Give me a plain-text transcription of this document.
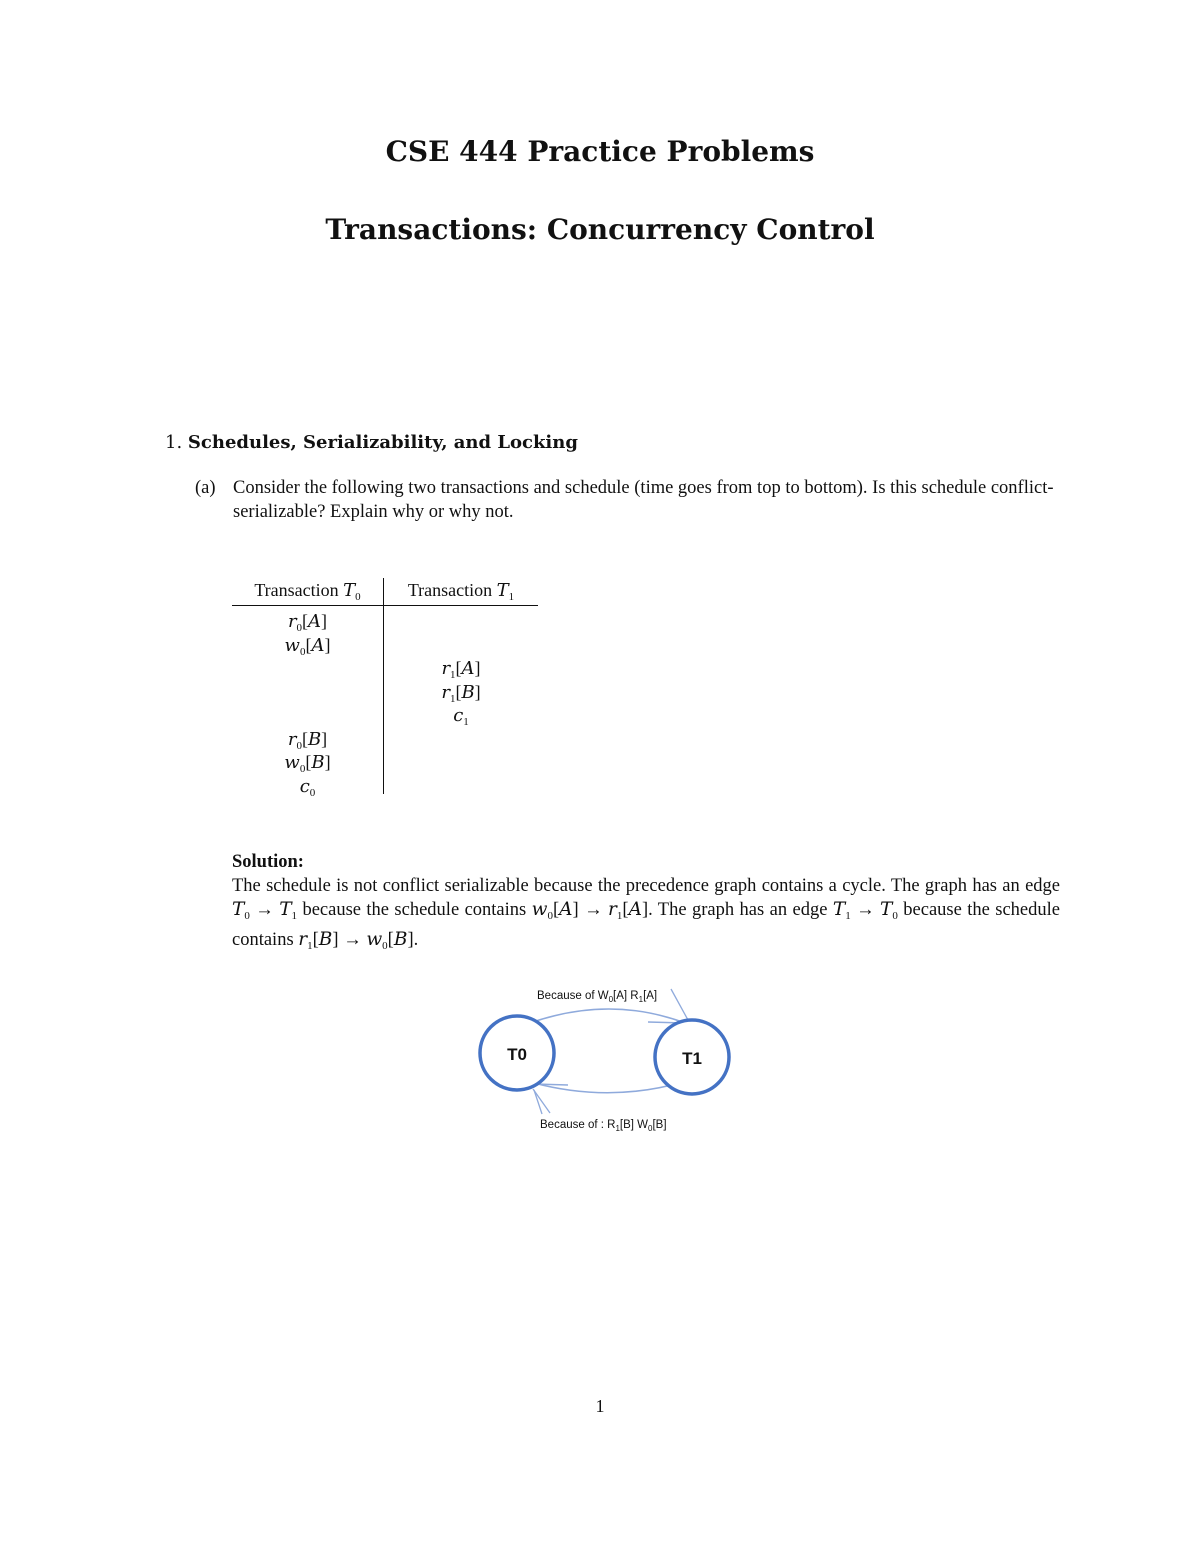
CSE 444 Practice Problems
Transactions: Concurrency Control
1. Schedules, Serializability, and Locking
(a) Consider the following two transactions and schedule (time goes from top to bottom). Is this schedule conflict-serializable? Explain why or why not.
Transaction $T_0$	Transaction $T_1$
$r_0[A]$
$w_0[A]$
$r_1[A]$
$r_1[B]$
$c_1$
$r_0[B]$
$w_0[B]$
$c_0$
Solution:
The schedule is not conflict serializable because the precedence graph contains a cycle. The graph has an edge $T_0 \to T_1$ because the schedule contains $w_0[A] \to r_1[A]$. The graph has an edge $T_1 \to T_0$ because the schedule contains $r_1[B] \to w_0[B]$.
T0	T1
Because of $W_0[A]$ $R_1[A]$
Because of : $R_1[B]$ $W_0[B]$
1
